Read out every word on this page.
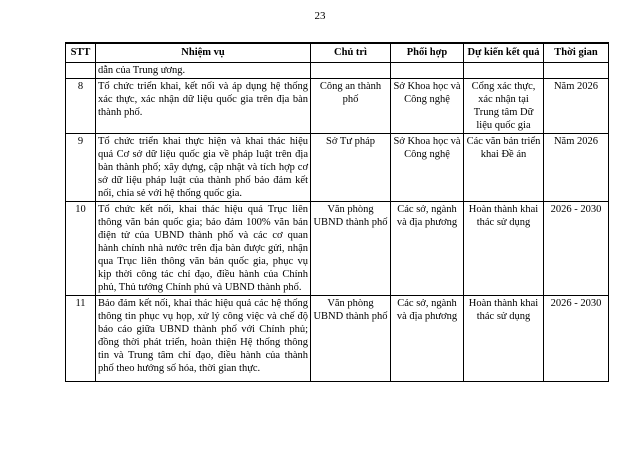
23
STT	Nhiệm vụ	Chủ trì	Phối hợp	Dự kiến kết quả	Thời gian
	dẫn của Trung ương.				
8	Tổ chức triển khai, kết nối và áp dụng hệ thống xác thực, xác nhận dữ liệu quốc gia trên địa bàn thành phố.	Công an thành phố	Sở Khoa học và Công nghệ	Cổng xác thực, xác nhận tại Trung tâm Dữ liệu quốc gia	Năm 2026
9	Tổ chức triển khai thực hiện và khai thác hiệu quả Cơ sở dữ liệu quốc gia về pháp luật trên địa bàn thành phố; xây dựng, cập nhật và tích hợp cơ sở dữ liệu pháp luật của thành phố bảo đảm kết nối, chia sẻ với hệ thống quốc gia.	Sở Tư pháp	Sở Khoa học và Công nghệ	Các văn bản triển khai Đề án	Năm 2026
10	Tổ chức kết nối, khai thác hiệu quả Trục liên thông văn bản quốc gia; bảo đảm 100% văn bản điện tử của UBND thành phố và các cơ quan hành chính nhà nước trên địa bàn được gửi, nhận qua Trục liên thông văn bản quốc gia, phục vụ kịp thời công tác chỉ đạo, điều hành của Chính phủ, Thủ tướng Chính phủ và UBND thành phố.	Văn phòng UBND thành phố	Các sở, ngành và địa phương	Hoàn thành khai thác sử dụng	2026 - 2030
11	Bảo đảm kết nối, khai thác hiệu quả các hệ thống thông tin phục vụ họp, xử lý công việc và chế độ báo cáo giữa UBND thành phố với Chính phủ; đồng thời phát triển, hoàn thiện Hệ thống thông tin và Trung tâm chỉ đạo, điều hành của thành phố theo hướng số hóa, thời gian thực.	Văn phòng UBND thành phố	Các sở, ngành và địa phương	Hoàn thành khai thác sử dụng	2026 - 2030
